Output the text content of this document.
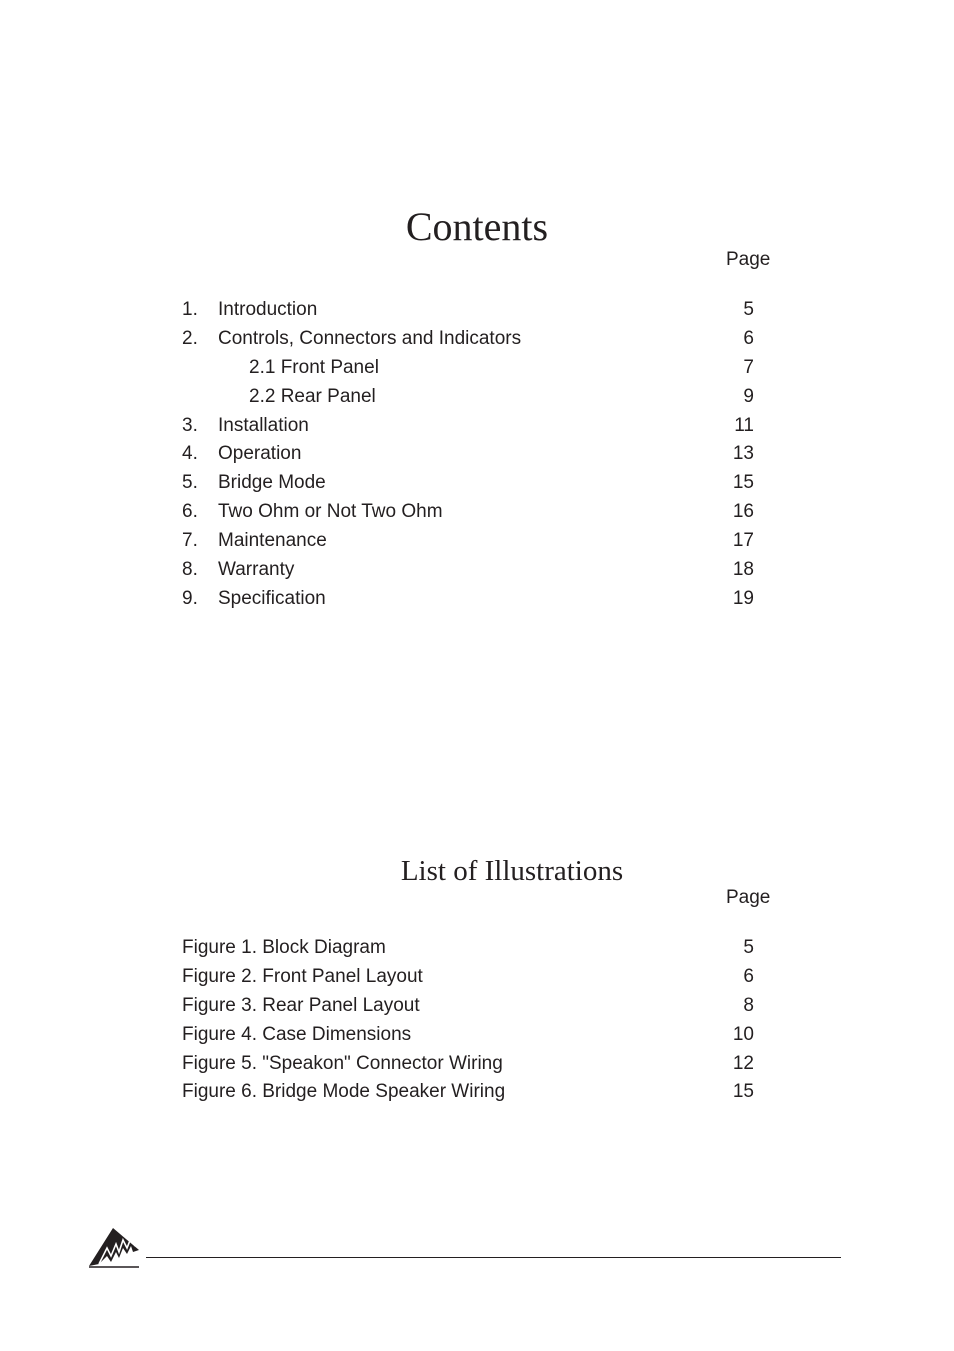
Contents
Page
1. Introduction	5
2. Controls, Connectors and Indicators	6
2.1 Front Panel	7
2.2 Rear Panel	9
3. Installation	11
4. Operation	13
5. Bridge Mode	15
6. Two Ohm or Not Two Ohm	16
7. Maintenance	17
8. Warranty	18
9. Specification	19
List of Illustrations
Page
Figure 1. Block Diagram	5
Figure 2. Front Panel Layout	6
Figure 3. Rear Panel Layout	8
Figure 4. Case Dimensions	10
Figure 5. "Speakon" Connector Wiring	12
Figure 6. Bridge Mode Speaker Wiring	15
